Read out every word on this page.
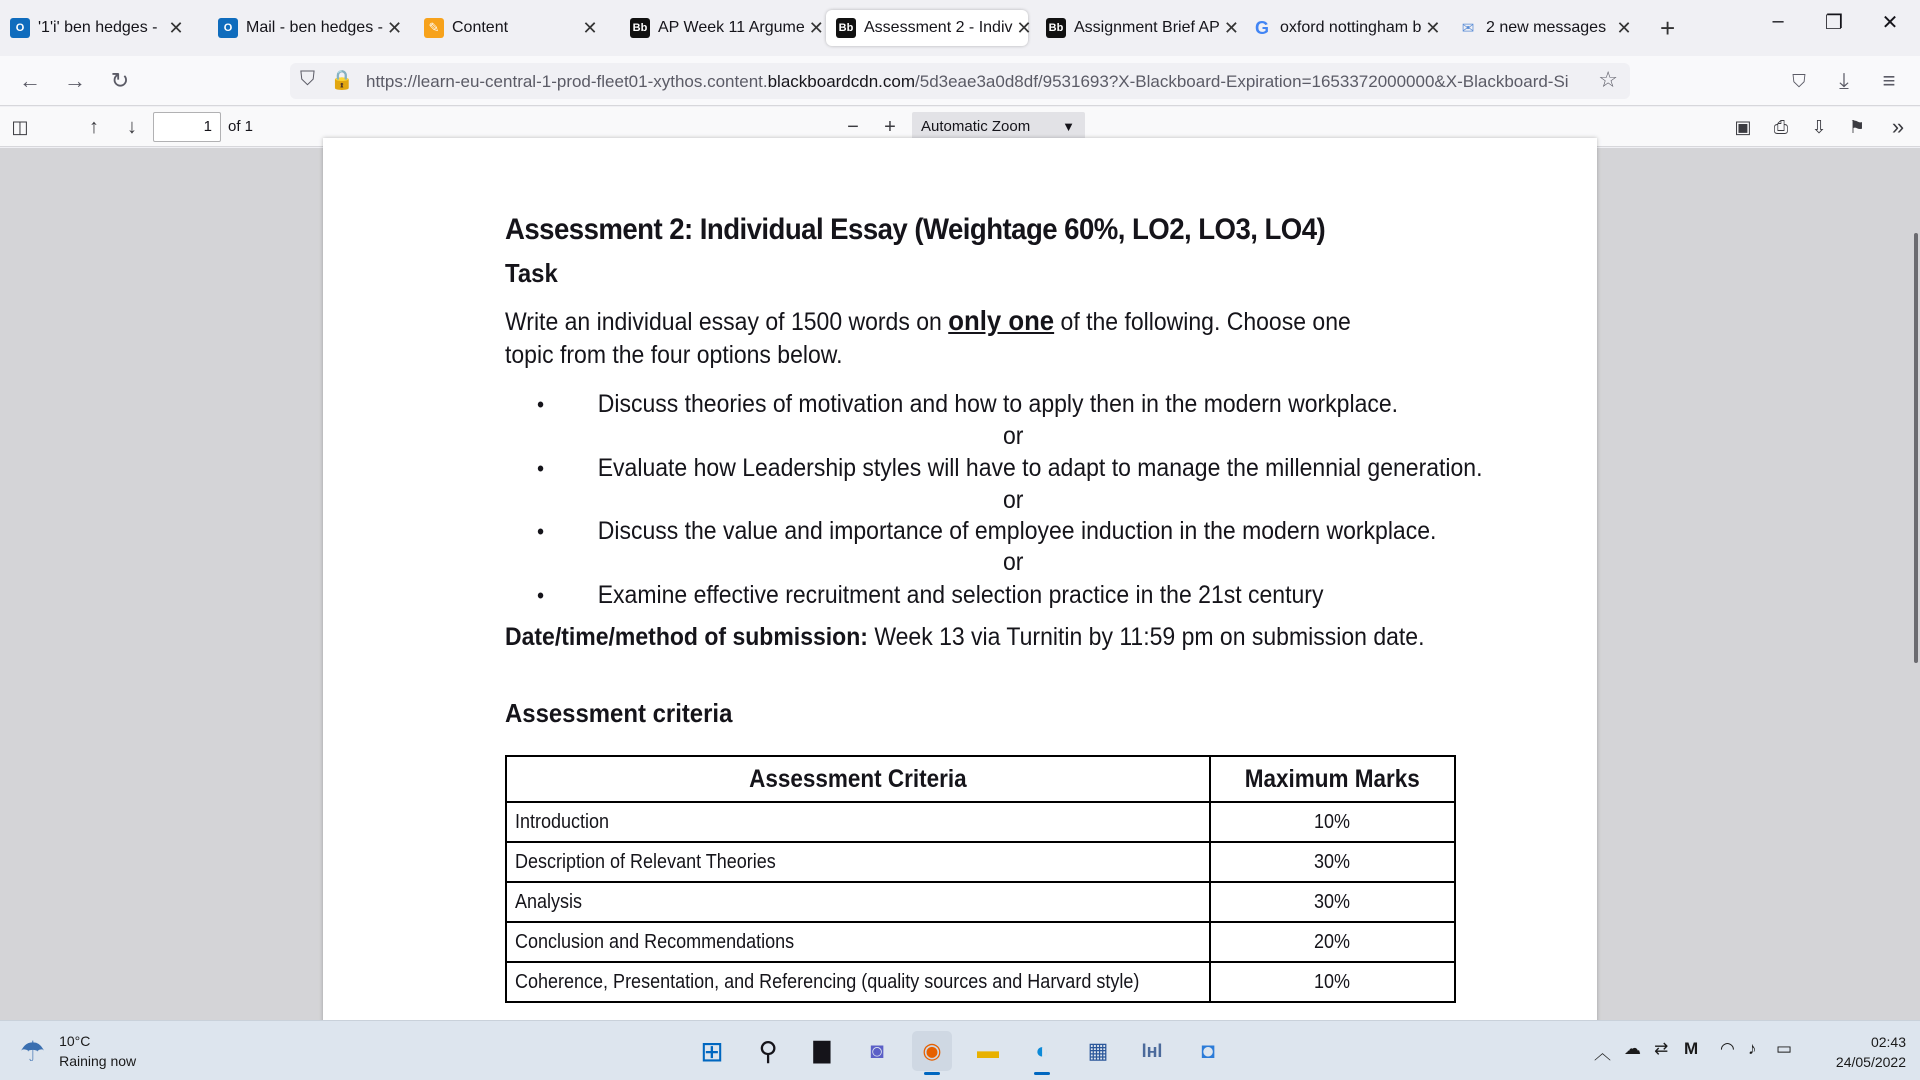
O '1'i' ben hedges - ✕	O Mail - ben hedges - ✕	✎ Content	✕	Bb AP Week 11 Argume ✕ Bb Assessment 2 - Indiv ✕ Bb Assignment Brief AP ✕ G oxford nottingham b ✕ ✉ 2 new messages ✕ +	–	❐	✕
← →	↻	⛉ 🔒 https://learn-eu-central-1-prod-fleet01-xythos.content.blackboardcdn.com/5d3eae3a0d8df/9531693?X-Blackboard-Expiration=1653372000000&X-Blackboard-Si	☆	⛉	⤓	≡
◫	↑	↓	1	of 1	−	+	Automatic Zoom ▼	▣	⎙	⇩	⚑	»
Assessment 2: Individual Essay (Weightage 60%, LO2, LO3, LO4)
Task
Write an individual essay of 1500 words on only one of the following. Choose one topic from the four options below.
• Discuss theories of motivation and how to apply then in the modern workplace.
or
• Evaluate how Leadership styles will have to adapt to manage the millennial generation.
or
• Discuss the value and importance of employee induction in the modern workplace.
or
• Examine effective recruitment and selection practice in the 21st century
Date/time/method of submission: Week 13 via Turnitin by 11:59 pm on submission date.
Assessment criteria
Assessment Criteria	Maximum Marks
Introduction	10%
Description of Relevant Theories	30%
Analysis	30%
Conclusion and Recommendations	20%
Coherence, Presentation, and Referencing (quality sources and Harvard style)	10%
☂ 10°C
Raining now	⊞	⚲	▇	◙	◉	▬	◐	▦	lнl	◘	︿ ☁ ⇄ M ◠ ♪ ▭	02:43
24/05/2022
